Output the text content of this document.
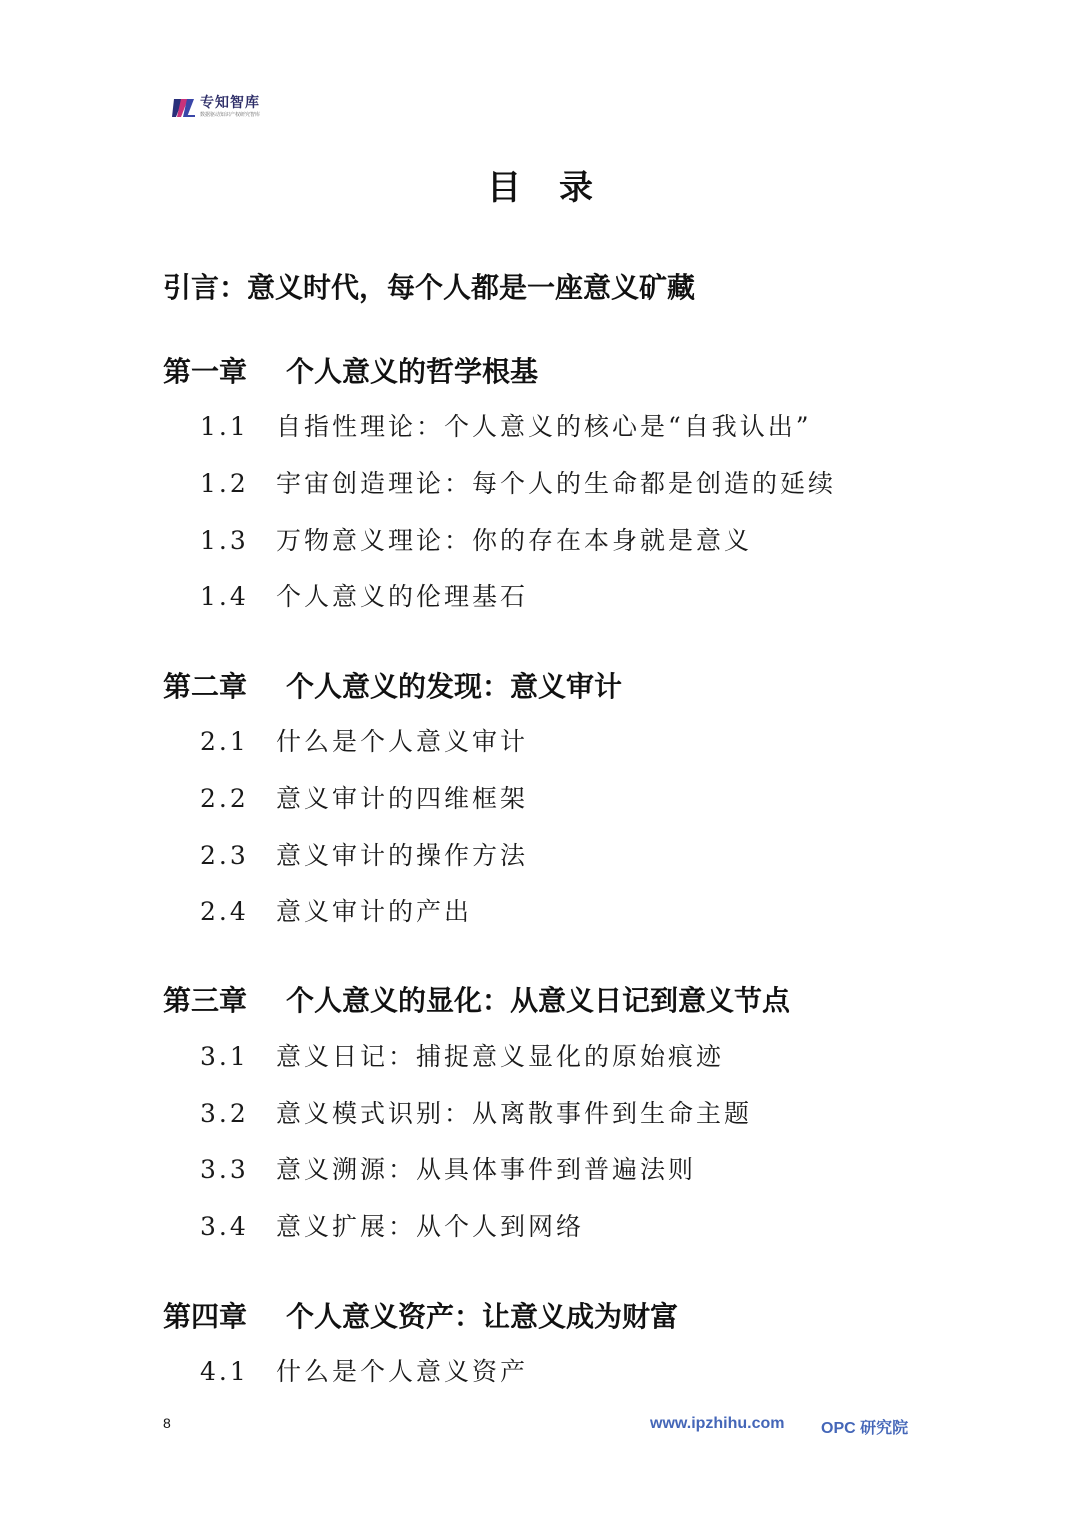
专知智库
数据驱动知识产权研究智库
目录
引言：意义时代，每个人都是一座意义矿藏
第一章 个人意义的哲学根基
1.1 自指性理论：个人意义的核心是“自我认出”
1.2 宇宙创造理论：每个人的生命都是创造的延续
1.3 万物意义理论：你的存在本身就是意义
1.4 个人意义的伦理基石
第二章 个人意义的发现：意义审计
2.1 什么是个人意义审计
2.2 意义审计的四维框架
2.3 意义审计的操作方法
2.4 意义审计的产出
第三章 个人意义的显化：从意义日记到意义节点
3.1 意义日记：捕捉意义显化的原始痕迹
3.2 意义模式识别：从离散事件到生命主题
3.3 意义溯源：从具体事件到普遍法则
3.4 意义扩展：从个人到网络
第四章 个人意义资产：让意义成为财富
4.1 什么是个人意义资产
8	www.ipzhihu.com OPC 研究院
